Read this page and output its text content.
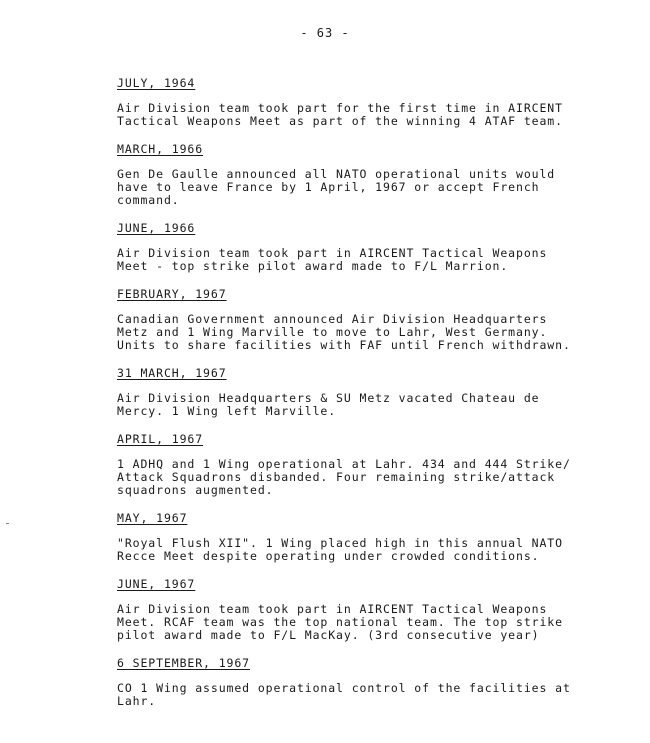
- 63 -
JULY, 1964
Air Division team took part for the first time in AIRCENT
Tactical Weapons Meet as part of the winning 4 ATAF team.
MARCH, 1966
Gen De Gaulle announced all NATO operational units would
have to leave France by 1 April, 1967 or accept French
command.
JUNE, 1966
Air Division team took part in AIRCENT Tactical Weapons
Meet - top strike pilot award made to F/L Marrion.
FEBRUARY, 1967
Canadian Government announced Air Division Headquarters
Metz and 1 Wing Marville to move to Lahr, West Germany.
Units to share facilities with FAF until French withdrawn.
31 MARCH, 1967
Air Division Headquarters & SU Metz vacated Chateau de
Mercy. 1 Wing left Marville.
APRIL, 1967
1 ADHQ and 1 Wing operational at Lahr. 434 and 444 Strike/
Attack Squadrons disbanded. Four remaining strike/attack
squadrons augmented.
MAY, 1967
"Royal Flush XII". 1 Wing placed high in this annual NATO
Recce Meet despite operating under crowded conditions.
JUNE, 1967
Air Division team took part in AIRCENT Tactical Weapons
Meet. RCAF team was the top national team. The top strike
pilot award made to F/L MacKay. (3rd consecutive year)
6 SEPTEMBER, 1967
CO 1 Wing assumed operational control of the facilities at
Lahr.
